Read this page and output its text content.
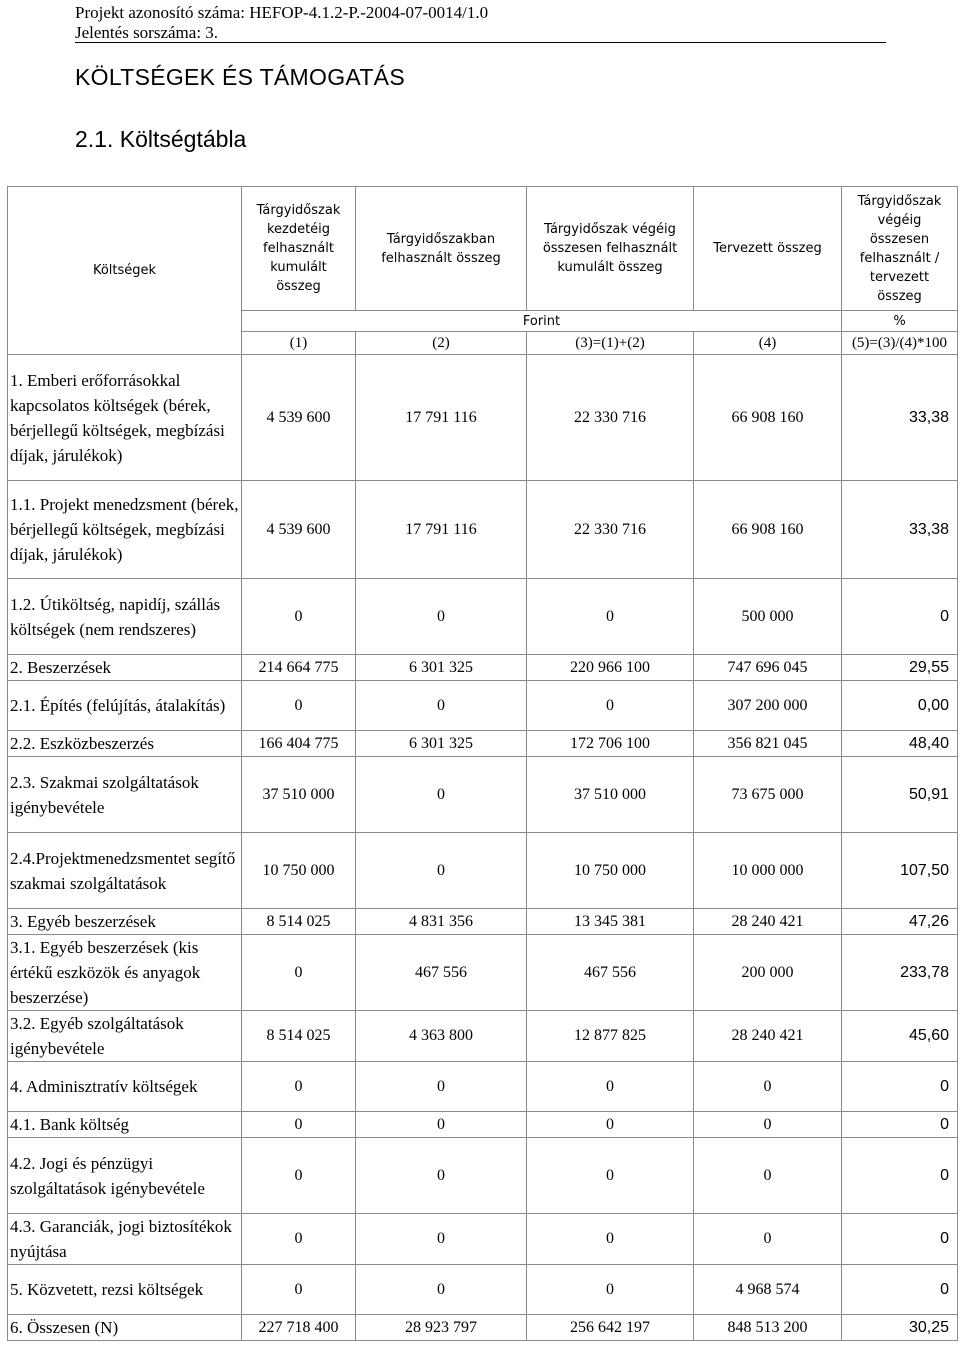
Projekt azonosító száma: HEFOP-4.1.2-P.-2004-07-0014/1.0
Jelentés sorszáma: 3.
KÖLTSÉGEK ÉS TÁMOGATÁS
2.1. Költségtábla
Költségek	Tárgyidőszak kezdetéig felhasznált kumulált összeg	Tárgyidőszakban felhasznált összeg	Tárgyidőszak végéig összesen felhasznált kumulált összeg	Tervezett összeg	Tárgyidőszak végéig összesen felhasznált / tervezett összeg
	Forint				%
	(1)	(2)	(3)=(1)+(2)	(4)	(5)=(3)/(4)*100
1. Emberi erőforrásokkal kapcsolatos költségek (bérek, bérjellegű költségek, megbízási díjak, járulékok)	4 539 600	17 791 116	22 330 716	66 908 160	33,38
1.1. Projekt menedzsment (bérek, bérjellegű költségek, megbízási díjak, járulékok)	4 539 600	17 791 116	22 330 716	66 908 160	33,38
1.2. Útiköltség, napidíj, szállás költségek (nem rendszeres)	0	0	0	500 000	0
2. Beszerzések	214 664 775	6 301 325	220 966 100	747 696 045	29,55
2.1. Építés (felújítás, átalakítás)	0	0	0	307 200 000	0,00
2.2. Eszközbeszerzés	166 404 775	6 301 325	172 706 100	356 821 045	48,40
2.3. Szakmai szolgáltatások igénybevétele	37 510 000	0	37 510 000	73 675 000	50,91
2.4.Projektmenedzsmentet segítő szakmai szolgáltatások	10 750 000	0	10 750 000	10 000 000	107,50
3. Egyéb beszerzések	8 514 025	4 831 356	13 345 381	28 240 421	47,26
3.1. Egyéb beszerzések (kis értékű eszközök és anyagok beszerzése)	0	467 556	467 556	200 000	233,78
3.2. Egyéb szolgáltatások igénybevétele	8 514 025	4 363 800	12 877 825	28 240 421	45,60
4. Adminisztratív költségek	0	0	0	0	0
4.1. Bank költség	0	0	0	0	0
4.2. Jogi és pénzügyi szolgáltatások igénybevétele	0	0	0	0	0
4.3. Garanciák, jogi biztosítékok nyújtása	0	0	0	0	0
5. Közvetett, rezsi költségek	0	0	0	4 968 574	0
6. Összesen (N)	227 718 400	28 923 797	256 642 197	848 513 200	30,25
